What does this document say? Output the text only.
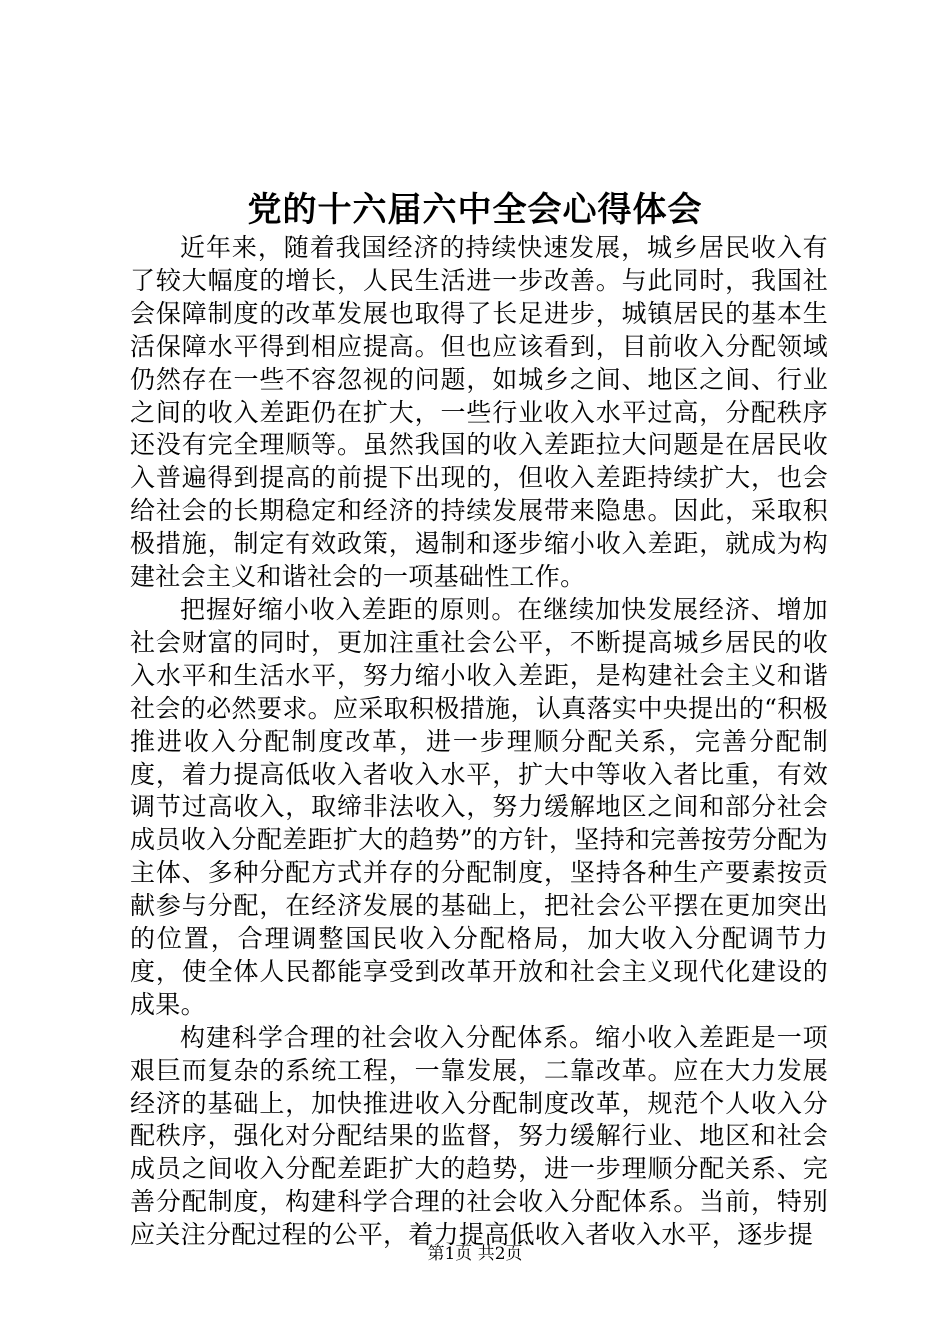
党的十六届六中全会心得体会

近年来，随着我国经济的持续快速发展，城乡居民收入有了较大幅度的增长，人民生活进一步改善。与此同时，我国社会保障制度的改革发展也取得了长足进步，城镇居民的基本生活保障水平得到相应提高。但也应该看到，目前收入分配领域仍然存在一些不容忽视的问题，如城乡之间、地区之间、行业之间的收入差距仍在扩大，一些行业收入水平过高，分配秩序还没有完全理顺等。虽然我国的收入差距拉大问题是在居民收入普遍得到提高的前提下出现的，但收入差距持续扩大，也会给社会的长期稳定和经济的持续发展带来隐患。因此，采取积极措施，制定有效政策，遏制和逐步缩小收入差距，就成为构建社会主义和谐社会的一项基础性工作。

把握好缩小收入差距的原则。在继续加快发展经济、增加社会财富的同时，更加注重社会公平，不断提高城乡居民的收入水平和生活水平，努力缩小收入差距，是构建社会主义和谐社会的必然要求。应采取积极措施，认真落实中央提出的“积极推进收入分配制度改革，进一步理顺分配关系，完善分配制度，着力提高低收入者收入水平，扩大中等收入者比重，有效调节过高收入，取缔非法收入，努力缓解地区之间和部分社会成员收入分配差距扩大的趋势”的方针，坚持和完善按劳分配为主体、多种分配方式并存的分配制度，坚持各种生产要素按贡献参与分配，在经济发展的基础上，把社会公平摆在更加突出的位置，合理调整国民收入分配格局，加大收入分配调节力度，使全体人民都能享受到改革开放和社会主义现代化建设的成果。

构建科学合理的社会收入分配体系。缩小收入差距是一项艰巨而复杂的系统工程，一靠发展，二靠改革。应在大力发展经济的基础上，加快推进收入分配制度改革，规范个人收入分配秩序，强化对分配结果的监督，努力缓解行业、地区和社会成员之间收入分配差距扩大的趋势，进一步理顺分配关系、完善分配制度，构建科学合理的社会收入分配体系。当前，特别应关注分配过程的公平，着力提高低收入者收入水平，逐步提

第1页 共2页
